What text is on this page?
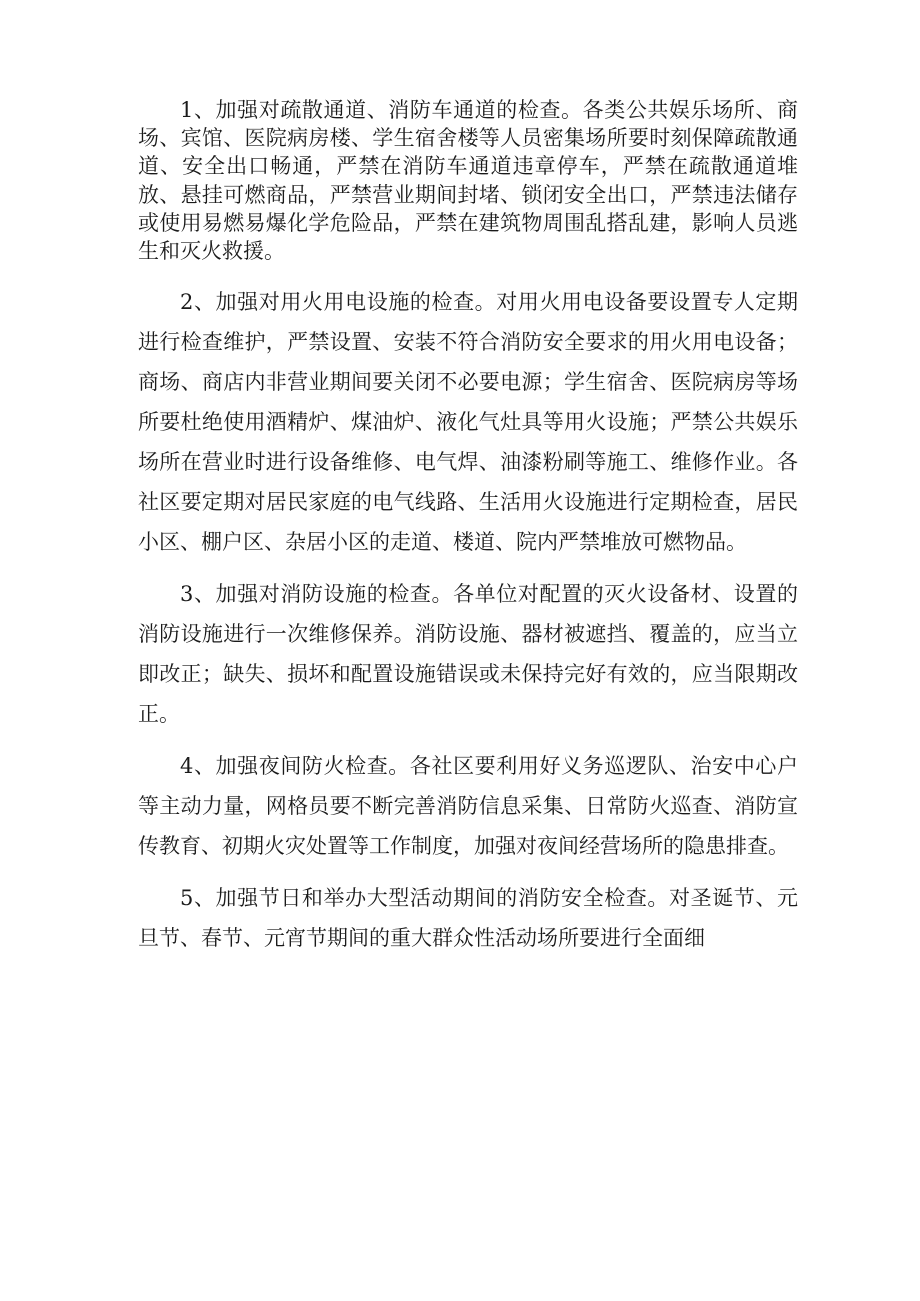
1、加强对疏散通道、消防车通道的检查。各类公共娱乐场所、商场、宾馆、医院病房楼、学生宿舍楼等人员密集场所要时刻保障疏散通道、安全出口畅通，严禁在消防车通道违章停车，严禁在疏散通道堆放、悬挂可燃商品，严禁营业期间封堵、锁闭安全出口，严禁违法储存或使用易燃易爆化学危险品，严禁在建筑物周围乱搭乱建，影响人员逃生和灭火救援。

2、加强对用火用电设施的检查。对用火用电设备要设置专人定期进行检查维护，严禁设置、安装不符合消防安全要求的用火用电设备；商场、商店内非营业期间要关闭不必要电源；学生宿舍、医院病房等场所要杜绝使用酒精炉、煤油炉、液化气灶具等用火设施；严禁公共娱乐场所在营业时进行设备维修、电气焊、油漆粉刷等施工、维修作业。各社区要定期对居民家庭的电气线路、生活用火设施进行定期检查，居民小区、棚户区、杂居小区的走道、楼道、院内严禁堆放可燃物品。

3、加强对消防设施的检查。各单位对配置的灭火设备材、设置的消防设施进行一次维修保养。消防设施、器材被遮挡、覆盖的，应当立即改正；缺失、损坏和配置设施错误或未保持完好有效的，应当限期改正。

4、加强夜间防火检查。各社区要利用好义务巡逻队、治安中心户等主动力量，网格员要不断完善消防信息采集、日常防火巡查、消防宣传教育、初期火灾处置等工作制度，加强对夜间经营场所的隐患排查。

5、加强节日和举办大型活动期间的消防安全检查。对圣诞节、元旦节、春节、元宵节期间的重大群众性活动场所要进行全面细
